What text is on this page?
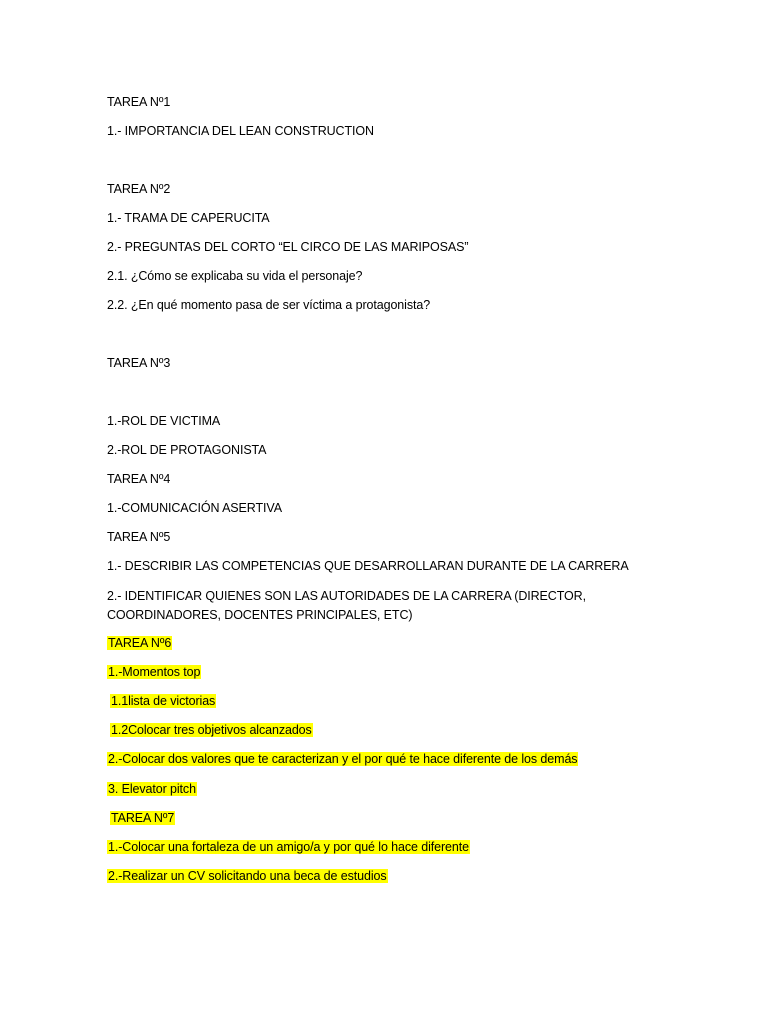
TAREA Nº1
1.- IMPORTANCIA DEL LEAN CONSTRUCTION
TAREA Nº2
1.- TRAMA DE CAPERUCITA
2.- PREGUNTAS DEL CORTO “EL CIRCO DE LAS MARIPOSAS”
2.1. ¿Cómo se explicaba su vida el personaje?
2.2. ¿En qué momento pasa de ser víctima a protagonista?
TAREA Nº3
1.-ROL DE VICTIMA
2.-ROL DE PROTAGONISTA
TAREA Nº4
1.-COMUNICACIÓN ASERTIVA
TAREA Nº5
1.- DESCRIBIR LAS COMPETENCIAS QUE DESARROLLARAN DURANTE DE LA CARRERA
2.- IDENTIFICAR QUIENES SON LAS AUTORIDADES DE LA CARRERA (DIRECTOR, COORDINADORES, DOCENTES PRINCIPALES, ETC)
TAREA Nº6
1.-Momentos top
1.1lista de victorias
1.2Colocar tres objetivos alcanzados
2.-Colocar dos valores que te caracterizan y el por qué te hace diferente de los demás
3. Elevator pitch
TAREA Nº7
1.-Colocar una fortaleza de un amigo/a y por qué lo hace diferente
2.-Realizar un CV solicitando una beca de estudios
